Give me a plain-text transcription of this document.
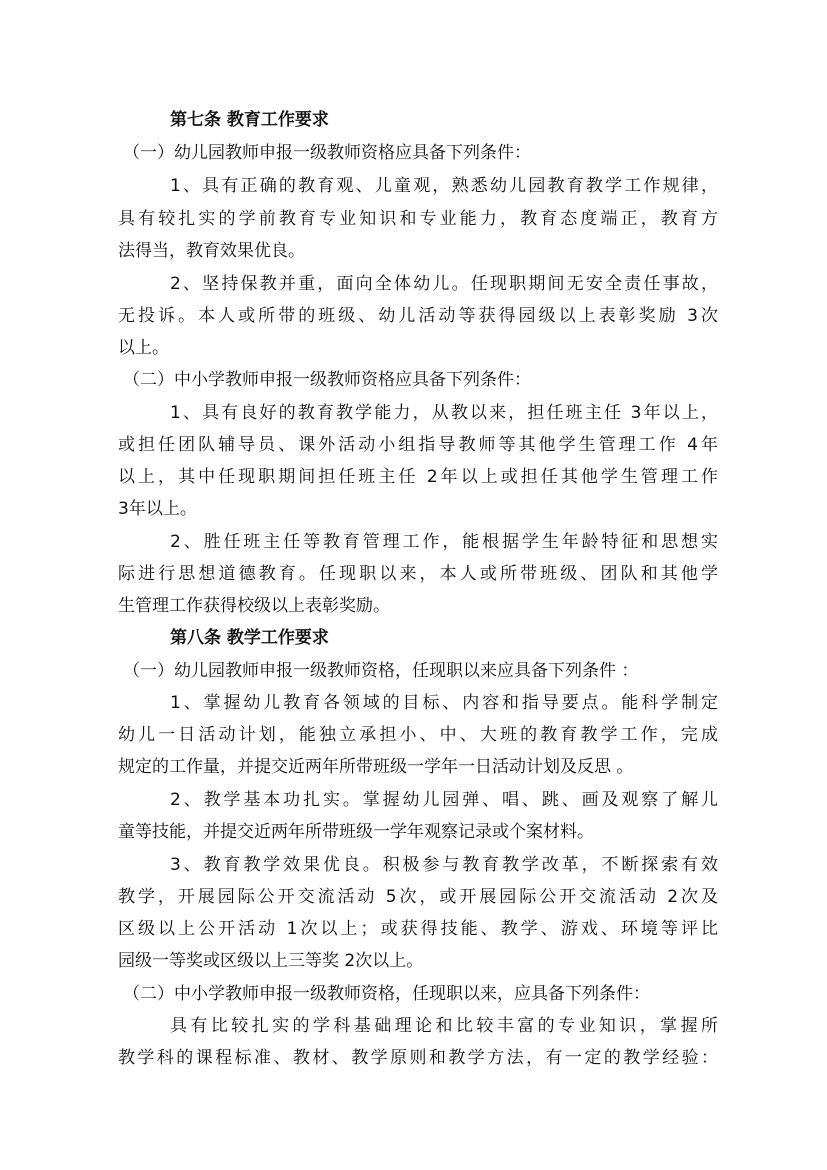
第七条 教育工作要求
（一）幼儿园教师申报一级教师资格应具备下列条件：
1、具有正确的教育观、儿童观，熟悉幼儿园教育教学工作规律，
具有较扎实的学前教育专业知识和专业能力，教育态度端正，教育方
法得当，教育效果优良。
2、坚持保教并重，面向全体幼儿。任现职期间无安全责任事故，
无投诉。本人或所带的班级、幼儿活动等获得园级以上表彰奖励 3次
以上。
（二）中小学教师申报一级教师资格应具备下列条件：
1、具有良好的教育教学能力，从教以来，担任班主任 3年以上，
或担任团队辅导员、课外活动小组指导教师等其他学生管理工作 4年
以上，其中任现职期间担任班主任 2年以上或担任其他学生管理工作
3年以上。
2、胜任班主任等教育管理工作，能根据学生年龄特征和思想实
际进行思想道德教育。任现职以来，本人或所带班级、团队和其他学
生管理工作获得校级以上表彰奖励。
第八条 教学工作要求
（一）幼儿园教师申报一级教师资格，任现职以来应具备下列条件 ：
1、掌握幼儿教育各领域的目标、内容和指导要点。能科学制定
幼儿一日活动计划，能独立承担小、中、大班的教育教学工作，完成
规定的工作量，并提交近两年所带班级一学年一日活动计划及反思 。
2、教学基本功扎实。掌握幼儿园弹、唱、跳、画及观察了解儿
童等技能，并提交近两年所带班级一学年观察记录或个案材料。
3、教育教学效果优良。积极参与教育教学改革，不断探索有效
教学，开展园际公开交流活动 5次，或开展园际公开交流活动 2次及
区级以上公开活动 1次以上；或获得技能、教学、游戏、环境等评比
园级一等奖或区级以上三等奖 2次以上。
（二）中小学教师申报一级教师资格，任现职以来，应具备下列条件：
具有比较扎实的学科基础理论和比较丰富的专业知识，掌握所
教学科的课程标准、教材、教学原则和教学方法，有一定的教学经验：
